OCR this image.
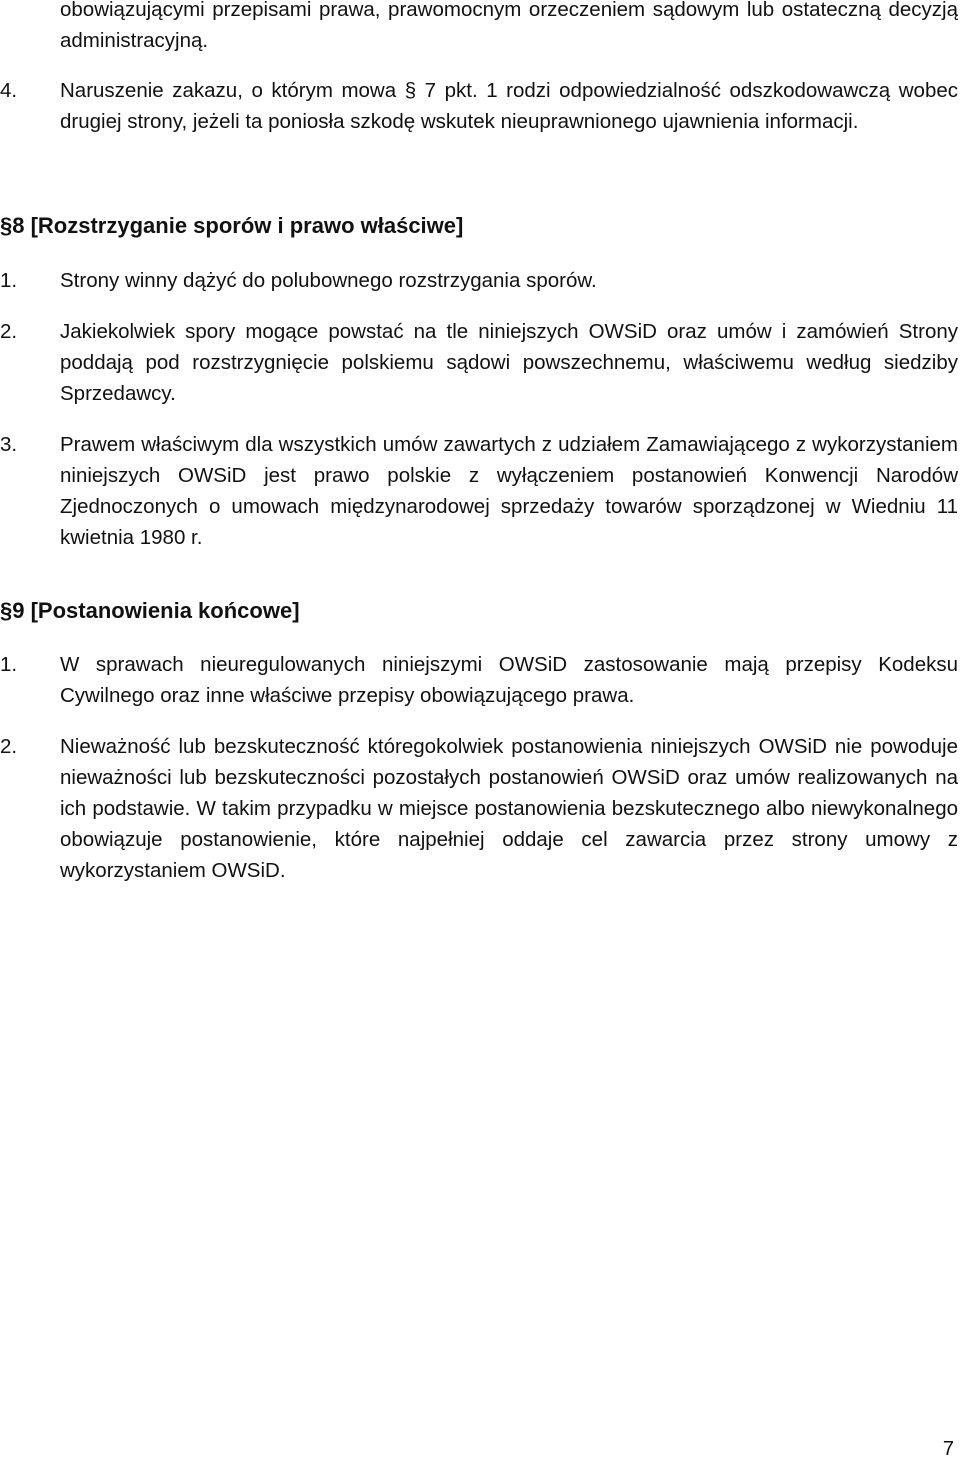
obowiązującymi przepisami prawa, prawomocnym orzeczeniem sądowym lub ostateczną decyzją administracyjną.

4.	Naruszenie zakazu, o którym mowa § 7 pkt. 1 rodzi odpowiedzialność odszkodowawczą wobec drugiej strony, jeżeli ta poniosła szkodę wskutek nieuprawnionego ujawnienia informacji.
§8 [Rozstrzyganie sporów i prawo właściwe]
1.	Strony winny dążyć do polubownego rozstrzygania sporów.
2.	Jakiekolwiek spory mogące powstać na tle niniejszych OWSiD oraz umów i zamówień Strony poddają pod rozstrzygnięcie polskiemu sądowi powszechnemu, właściwemu według siedziby Sprzedawcy.
3.	Prawem właściwym dla wszystkich umów zawartych z udziałem Zamawiającego z wykorzystaniem niniejszych OWSiD jest prawo polskie z wyłączeniem postanowień Konwencji Narodów Zjednoczonych o umowach międzynarodowej sprzedaży towarów sporządzonej w Wiedniu 11 kwietnia 1980 r.
§9 [Postanowienia końcowe]
1.	W sprawach nieuregulowanych niniejszymi OWSiD zastosowanie mają przepisy Kodeksu Cywilnego oraz inne właściwe przepisy obowiązującego prawa.
2.	Nieważność lub bezskuteczność któregokolwiek postanowienia niniejszych OWSiD nie powoduje nieważności lub bezskuteczności pozostałych postanowień OWSiD oraz umów realizowanych na ich podstawie. W takim przypadku w miejsce postanowienia bezskutecznego albo niewykonalnego obowiązuje postanowienie, które najpełniej oddaje cel zawarcia przez strony umowy z wykorzystaniem OWSiD.
7
